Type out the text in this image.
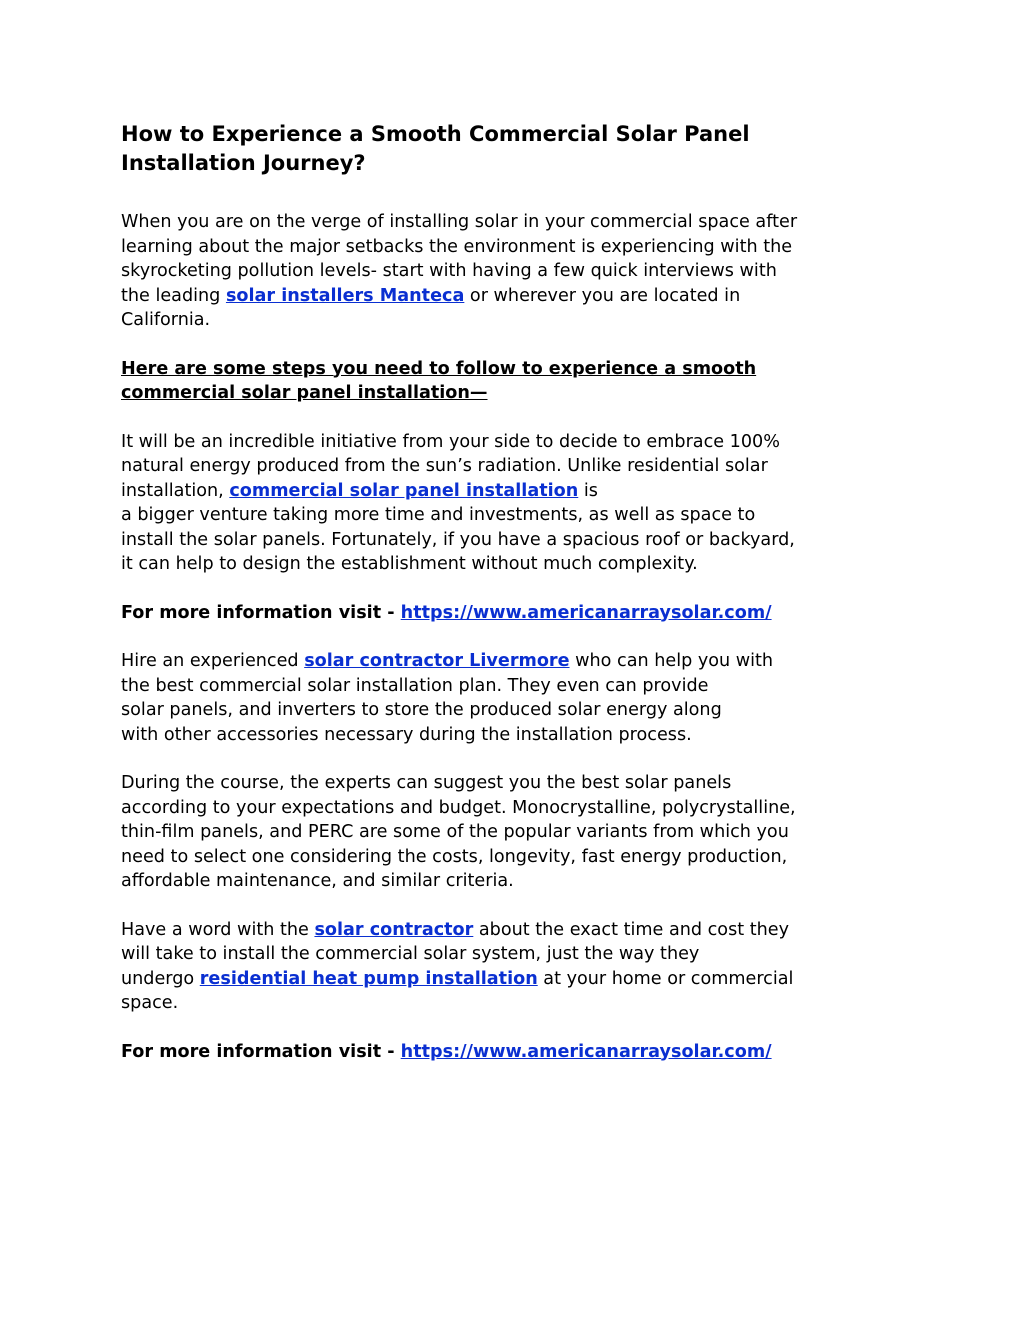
How to Experience a Smooth Commercial Solar Panel
Installation Journey?

When you are on the verge of installing solar in your commercial space after
learning about the major setbacks the environment is experiencing with the
skyrocketing pollution levels- start with having a few quick interviews with
the leading solar installers Manteca or wherever you are located in
California.

Here are some steps you need to follow to experience a smooth
commercial solar panel installation—

It will be an incredible initiative from your side to decide to embrace 100%
natural energy produced from the sun’s radiation. Unlike residential solar
installation, commercial solar panel installation is
a bigger venture taking more time and investments, as well as space to
install the solar panels. Fortunately, if you have a spacious roof or backyard,
it can help to design the establishment without much complexity.

For more information visit - https://www.americanarraysolar.com/

Hire an experienced solar contractor Livermore who can help you with
the best commercial solar installation plan. They even can provide
solar panels, and inverters to store the produced solar energy along
with other accessories necessary during the installation process.

During the course, the experts can suggest you the best solar panels
according to your expectations and budget. Monocrystalline, polycrystalline,
thin-film panels, and PERC are some of the popular variants from which you
need to select one considering the costs, longevity, fast energy production,
affordable maintenance, and similar criteria.

Have a word with the solar contractor about the exact time and cost they
will take to install the commercial solar system, just the way they
undergo residential heat pump installation at your home or commercial
space.

For more information visit - https://www.americanarraysolar.com/
